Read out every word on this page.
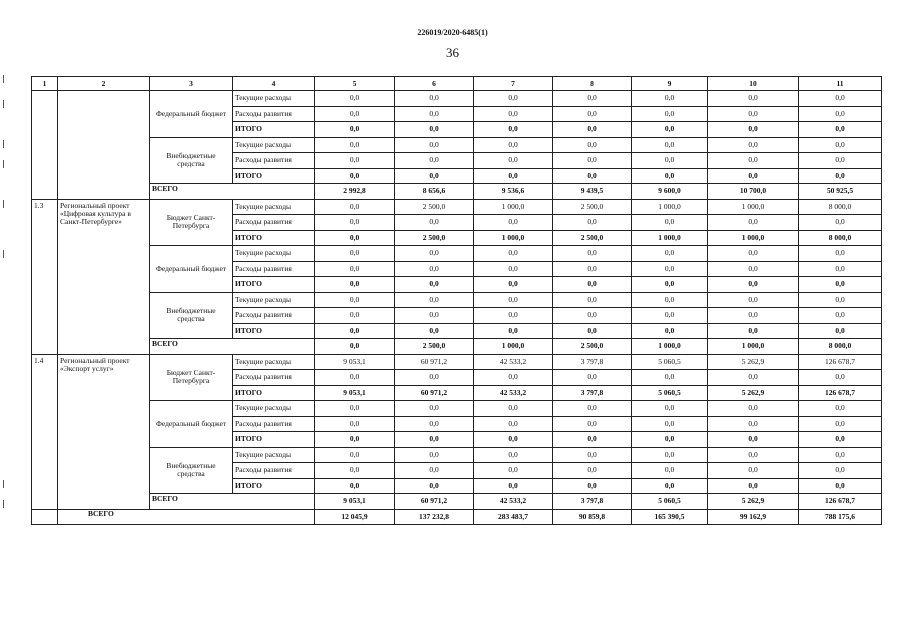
226019/2020-6485(1)
36
1	2	3	4	5	6	7	8	9	10	11
		Федеральный бюджет	Текущие расходы	0,0	0,0	0,0	0,0	0,0	0,0	0,0
			Расходы развития	0,0	0,0	0,0	0,0	0,0	0,0	0,0
			ИТОГО	0,0	0,0	0,0	0,0	0,0	0,0	0,0
		Внебюджетные средства	Текущие расходы	0,0	0,0	0,0	0,0	0,0	0,0	0,0
			Расходы развития	0,0	0,0	0,0	0,0	0,0	0,0	0,0
			ИТОГО	0,0	0,0	0,0	0,0	0,0	0,0	0,0
		ВСЕГО		2 992,8	8 656,6	9 536,6	9 439,5	9 600,0	10 700,0	50 925,5
1.3	Региональный проект «Цифровая культура в Санкт-Петербурге»	Бюджет Санкт-Петербурга	Текущие расходы	0,0	2 500,0	1 000,0	2 500,0	1 000,0	1 000,0	8 000,0
			Расходы развития	0,0	0,0	0,0	0,0	0,0	0,0	0,0
			ИТОГО	0,0	2 500,0	1 000,0	2 500,0	1 000,0	1 000,0	8 000,0
		Федеральный бюджет	Текущие расходы	0,0	0,0	0,0	0,0	0,0	0,0	0,0
			Расходы развития	0,0	0,0	0,0	0,0	0,0	0,0	0,0
			ИТОГО	0,0	0,0	0,0	0,0	0,0	0,0	0,0
		Внебюджетные средства	Текущие расходы	0,0	0,0	0,0	0,0	0,0	0,0	0,0
			Расходы развития	0,0	0,0	0,0	0,0	0,0	0,0	0,0
			ИТОГО	0,0	0,0	0,0	0,0	0,0	0,0	0,0
		ВСЕГО		0,0	2 500,0	1 000,0	2 500,0	1 000,0	1 000,0	8 000,0
1.4	Региональный проект «Экспорт услуг»	Бюджет Санкт-Петербурга	Текущие расходы	9 053,1	60 971,2	42 533,2	3 797,8	5 060,5	5 262,9	126 678,7
			Расходы развития	0,0	0,0	0,0	0,0	0,0	0,0	0,0
			ИТОГО	9 053,1	60 971,2	42 533,2	3 797,8	5 060,5	5 262,9	126 678,7
		Федеральный бюджет	Текущие расходы	0,0	0,0	0,0	0,0	0,0	0,0	0,0
			Расходы развития	0,0	0,0	0,0	0,0	0,0	0,0	0,0
			ИТОГО	0,0	0,0	0,0	0,0	0,0	0,0	0,0
		Внебюджетные средства	Текущие расходы	0,0	0,0	0,0	0,0	0,0	0,0	0,0
			Расходы развития	0,0	0,0	0,0	0,0	0,0	0,0	0,0
			ИТОГО	0,0	0,0	0,0	0,0	0,0	0,0	0,0
		ВСЕГО		9 053,1	60 971,2	42 533,2	3 797,8	5 060,5	5 262,9	126 678,7
	ВСЕГО			12 045,9	137 232,8	283 483,7	90 859,8	165 390,5	99 162,9	788 175,6
